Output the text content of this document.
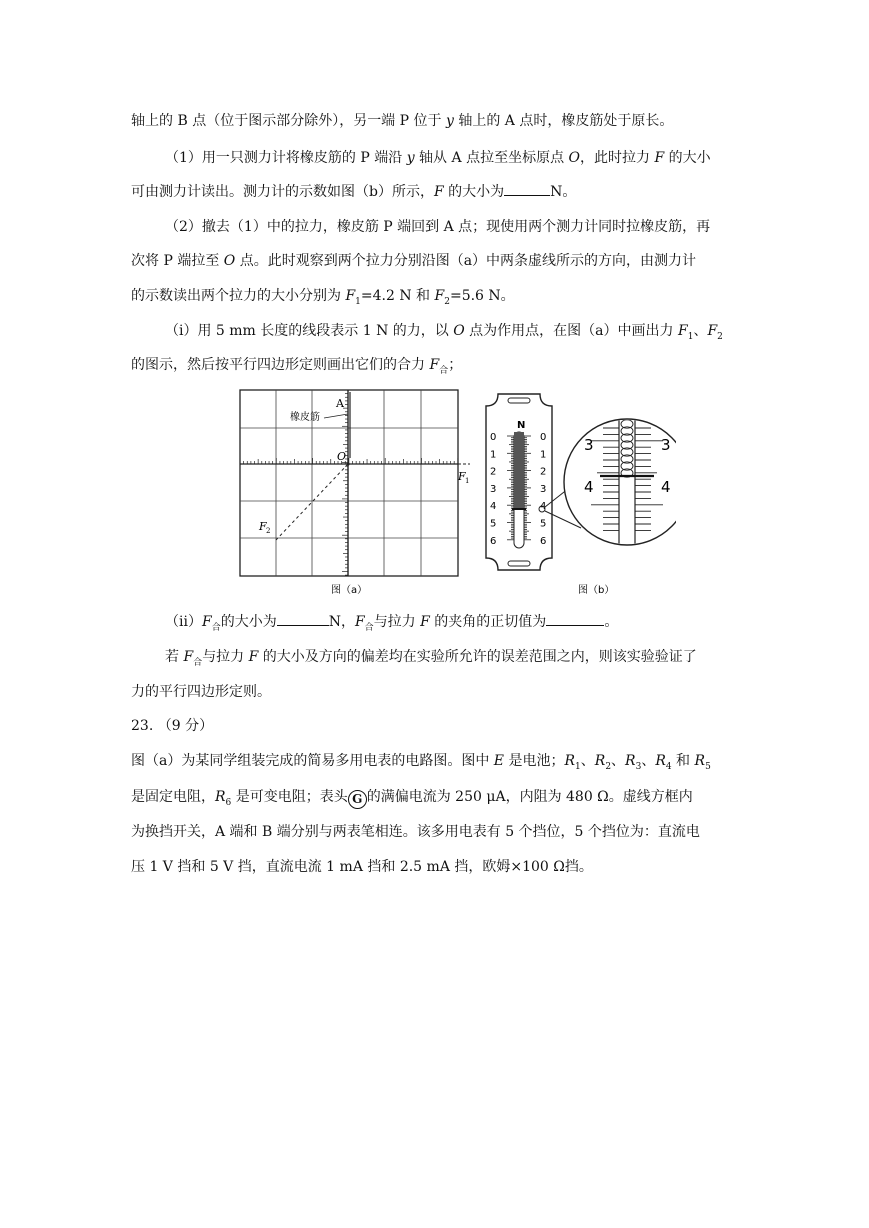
轴上的 B 点（位于图示部分除外），另一端 P 位于 y 轴上的 A 点时，橡皮筋处于原长。
（1）用一只测力计将橡皮筋的 P 端沿 y 轴从 A 点拉至坐标原点 O，此时拉力 F 的大小
可由测力计读出。测力计的示数如图（b）所示，F 的大小为	N。
（2）撤去（1）中的拉力，橡皮筋 P 端回到 A 点；现使用两个测力计同时拉橡皮筋，再
次将 P 端拉至 O 点。此时观察到两个拉力分别沿图（a）中两条虚线所示的方向，由测力计
的示数读出两个拉力的大小分别为 $F_1=4.2$ N 和 $F_2=5.6$ N。
（i）用 5 mm 长度的线段表示 1 N 的力，以 O 点为作用点，在图（a）中画出力 $F_1$、$F_2$
的图示，然后按平行四边形定则画出它们的合力 $F_合$；
A
橡皮筋
O
F 1
F 2
图（a）
N
0
1
2
3
4
5
6
0
1
2
3
4
5
6
3	3
4	4
图（b）
$(ii)F_合$的大小为	N，$F_合$与拉力 F 的夹角的正切值为	。
若 $F_合$与拉力 F 的大小及方向的偏差均在实验所允许的误差范围之内，则该实验验证了
力的平行四边形定则。
23. （9 分）
图（a）为某同学组装完成的简易多用电表的电路图。图中 E 是电池；$R_1$、$R_2$、$R_3$、$R_4$ 和 $R_5$
是固定电阻，$R_6$ 是可变电阻；表头 G 的满偏电流为 250 μA，内阻为 480 Ω。虚线方框内
为换挡开关，A 端和 B 端分别与两表笔相连。该多用电表有 5 个挡位，5 个挡位为：直流电
压 1 V 挡和 5 V 挡，直流电流 1 mA 挡和 2.5 mA 挡，欧姆×100 Ω挡。
